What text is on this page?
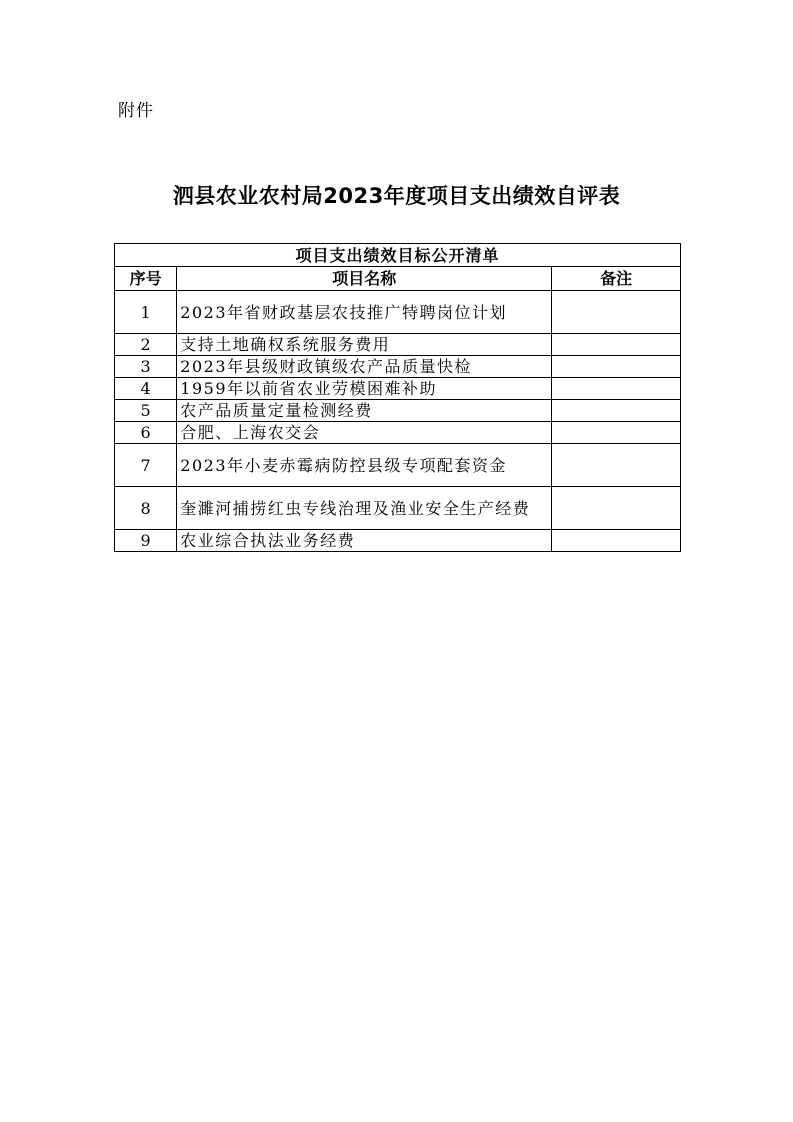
附件
泗县农业农村局2023年度项目支出绩效自评表
项目支出绩效目标公开清单		
序号	项目名称	备注
1	2023年省财政基层农技推广特聘岗位计划	
2	支持土地确权系统服务费用	
3	2023年县级财政镇级农产品质量快检	
4	1959年以前省农业劳模困难补助	
5	农产品质量定量检测经费	
6	合肥、上海农交会	
7	2023年小麦赤霉病防控县级专项配套资金	
8	奎濉河捕捞红虫专线治理及渔业安全生产经费	
9	农业综合执法业务经费	
